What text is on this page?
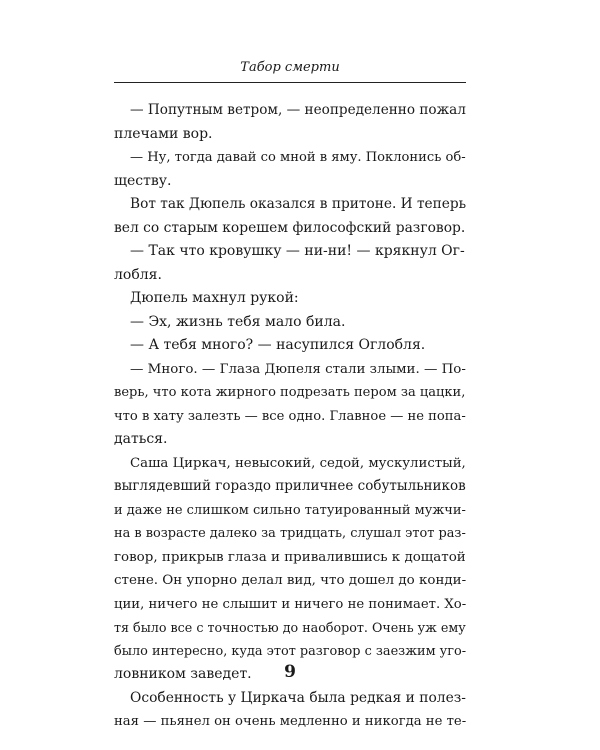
Табор смерти
— Попутным ветром, — неопределенно пожал
плечами вор.
— Ну, тогда давай со мной в яму. Поклонись об-
ществу.
Вот так Дюпель оказался в притоне. И теперь
вел со старым корешем философский разговор.
— Так что кровушку — ни-ни! — крякнул Ог-
лобля.
Дюпель махнул рукой:
— Эх, жизнь тебя мало била.
— А тебя много? — насупился Оглобля.
— Много. — Глаза Дюпеля стали злыми. — По-
верь, что кота жирного подрезать пером за цацки,
что в хату залезть — все одно. Главное — не попа-
даться.
Саша Циркач, невысокий, седой, мускулистый,
выглядевший гораздо приличнее собутыльников
и даже не слишком сильно татуированный мужчи-
на в возрасте далеко за тридцать, слушал этот раз-
говор, прикрыв глаза и привалившись к дощатой
стене. Он упорно делал вид, что дошел до конди-
ции, ничего не слышит и ничего не понимает. Хо-
тя было все с точностью до наоборот. Очень уж ему
было интересно, куда этот разговор с заезжим уго-
ловником заведет.
Особенность у Циркача была редкая и полез-
ная — пьянел он очень медленно и никогда не те-
9
